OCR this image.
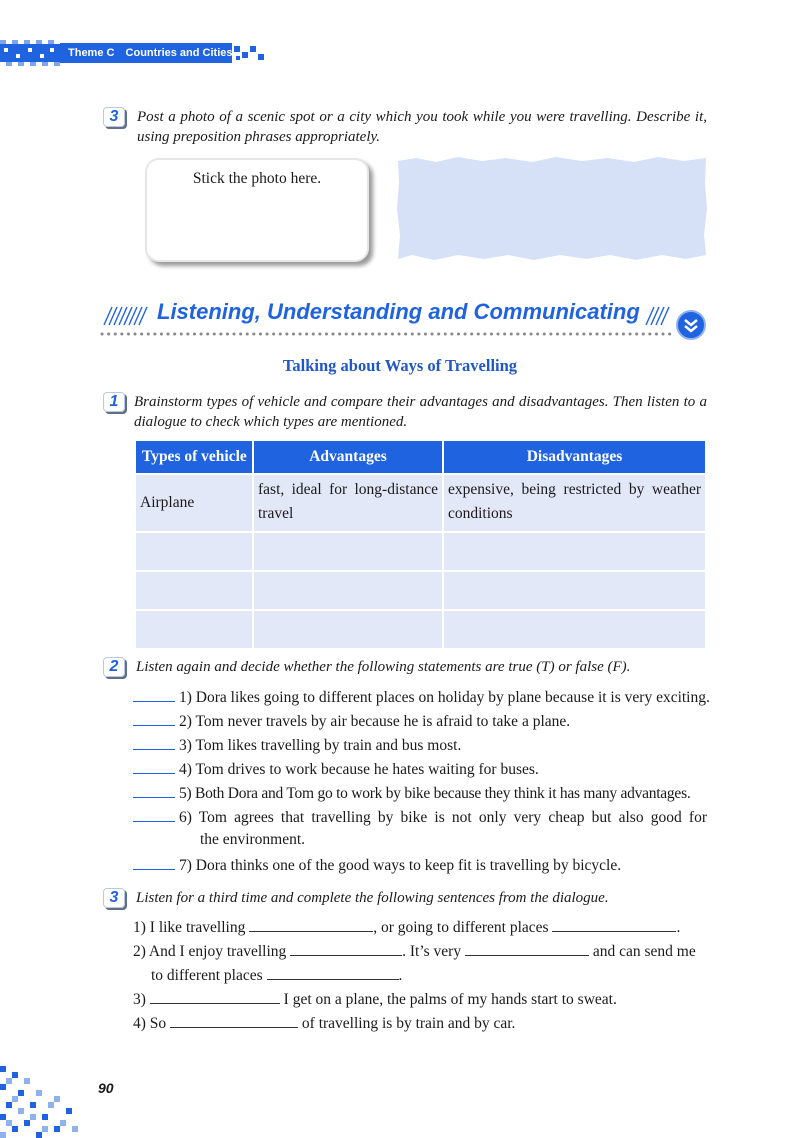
Theme C Countries and Cities
3	Post a photo of a scenic spot or a city which you took while you were travelling. Describe it, using preposition phrases appropriately.
Stick the photo here.
Listening, Understanding and Communicating
Talking about Ways of Travelling
1	Brainstorm types of vehicle and compare their advantages and disadvantages. Then listen to a dialogue to check which types are mentioned.
Types of vehicle	Advantages	Disadvantages
Airplane	fast, ideal for long-distance travel	expensive, being restricted by weather conditions

2	Listen again and decide whether the following statements are true (T) or false (F).
1) Dora likes going to different places on holiday by plane because it is very exciting.
2) Tom never travels by air because he is afraid to take a plane.
3) Tom likes travelling by train and bus most.
4) Tom drives to work because he hates waiting for buses.
5) Both Dora and Tom go to work by bike because they think it has many advantages.
6) Tom agrees that travelling by bike is not only very cheap but also good for
the environment.
7) Dora thinks one of the good ways to keep fit is travelling by bicycle.
3	Listen for a third time and complete the following sentences from the dialogue.
1) I like travelling	, or going to different places	.
2) And I enjoy travelling	. It’s very	and can send me
to different places	.
3)	I get on a plane, the palms of my hands start to sweat.
4) So	of travelling is by train and by car.
90
